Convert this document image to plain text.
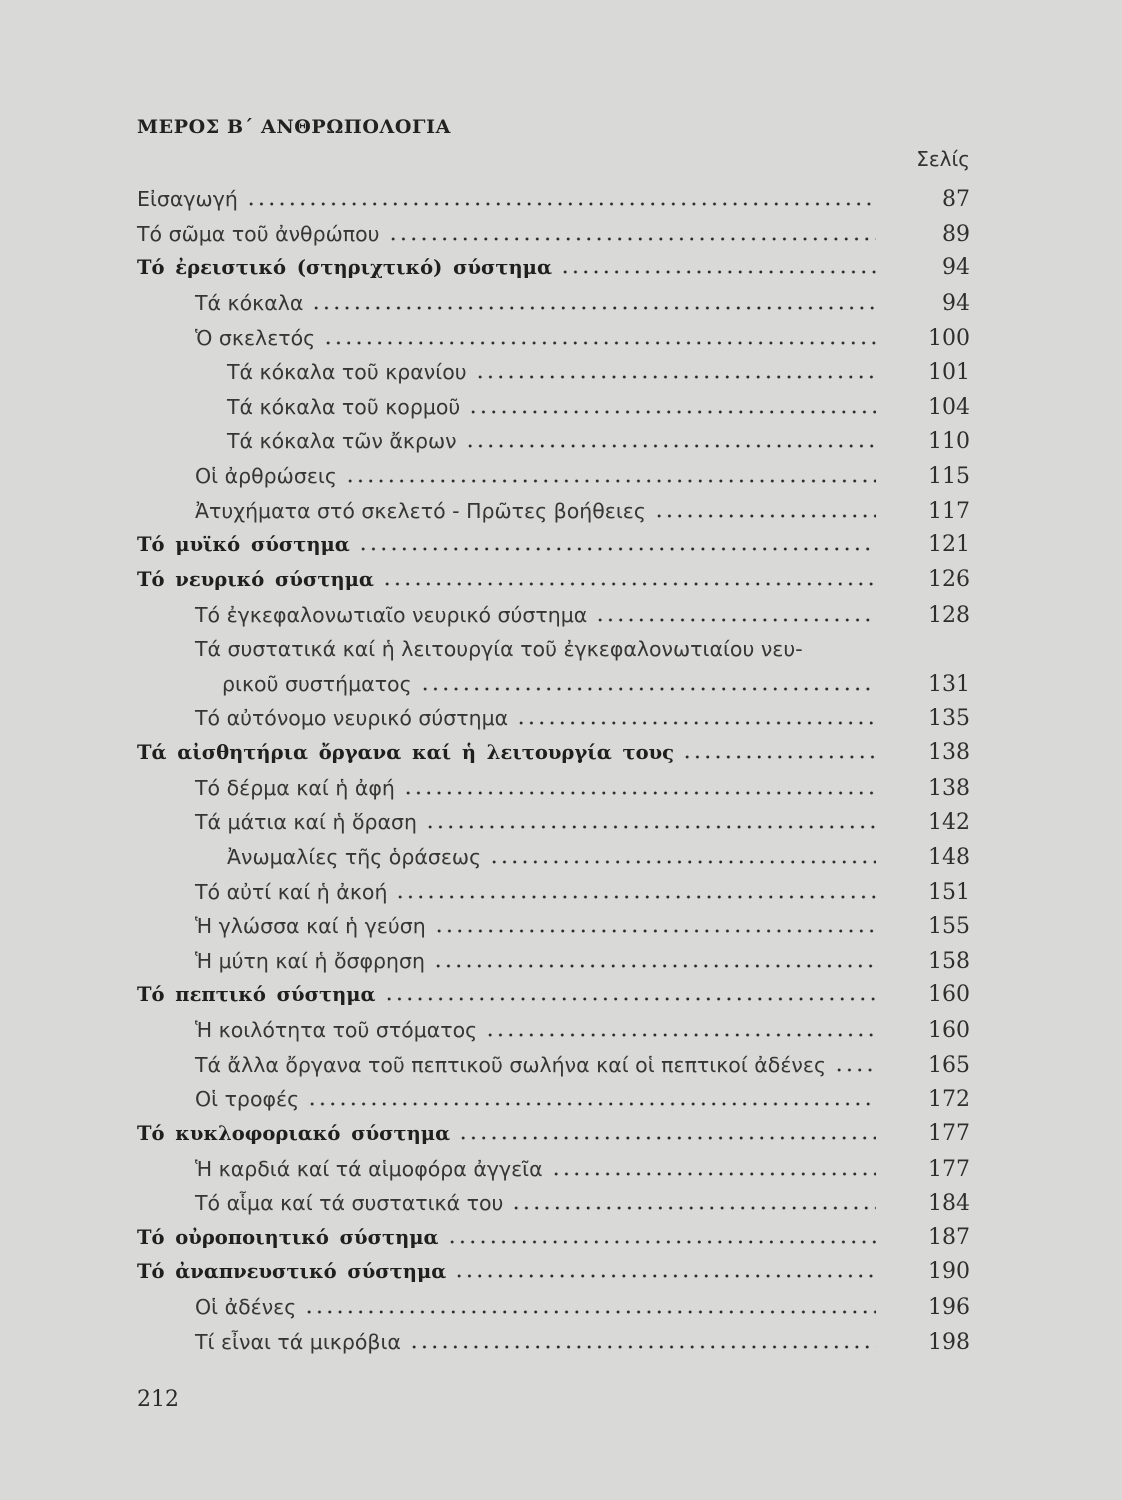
ΜΕΡΟΣ Β΄ ΑΝΘΡΩΠΟΛΟΓΙΑ
Σελίς
Εἰσαγωγή	87
Τό σῶμα τοῦ ἀνθρώπου	89
Τό ἐρειστικό (στηριχτικό) σύστημα	94
Τά κόκαλα	94
Ὁ σκελετός	100
Τά κόκαλα τοῦ κρανίου	101
Τά κόκαλα τοῦ κορμοῦ	104
Τά κόκαλα τῶν ἄκρων	110
Οἱ ἀρθρώσεις	115
Ἀτυχήματα στό σκελετό - Πρῶτες βοήθειες	117
Τό μυϊκό σύστημα	121
Τό νευρικό σύστημα	126
Τό ἐγκεφαλονωτιαῖο νευρικό σύστημα	128
Τά συστατικά καί ἡ λειτουργία τοῦ ἐγκεφαλονωτιαίου νευ-
ρικοῦ συστήματος	131
Τό αὐτόνομο νευρικό σύστημα	135
Τά αἰσθητήρια ὄργανα καί ἡ λειτουργία τους	138
Τό δέρμα καί ἡ ἀφή	138
Τά μάτια καί ἡ ὅραση	142
Ἀνωμαλίες τῆς ὁράσεως	148
Τό αὐτί καί ἡ ἀκοή	151
Ἡ γλώσσα καί ἡ γεύση	155
Ἡ μύτη καί ἡ ὄσφρηση	158
Τό πεπτικό σύστημα	160
Ἡ κοιλότητα τοῦ στόματος	160
Τά ἄλλα ὄργανα τοῦ πεπτικοῦ σωλήνα καί οἱ πεπτικοί ἀδένες	165
Οἱ τροφές	172
Τό κυκλοφοριακό σύστημα	177
Ἡ καρδιά καί τά αἱμοφόρα ἀγγεῖα	177
Τό αἷμα καί τά συστατικά του	184
Τό οὐροποιητικό σύστημα	187
Τό ἀναπνευστικό σύστημα	190
Οἱ ἀδένες	196
Τί εἶναι τά μικρόβια	198
212
